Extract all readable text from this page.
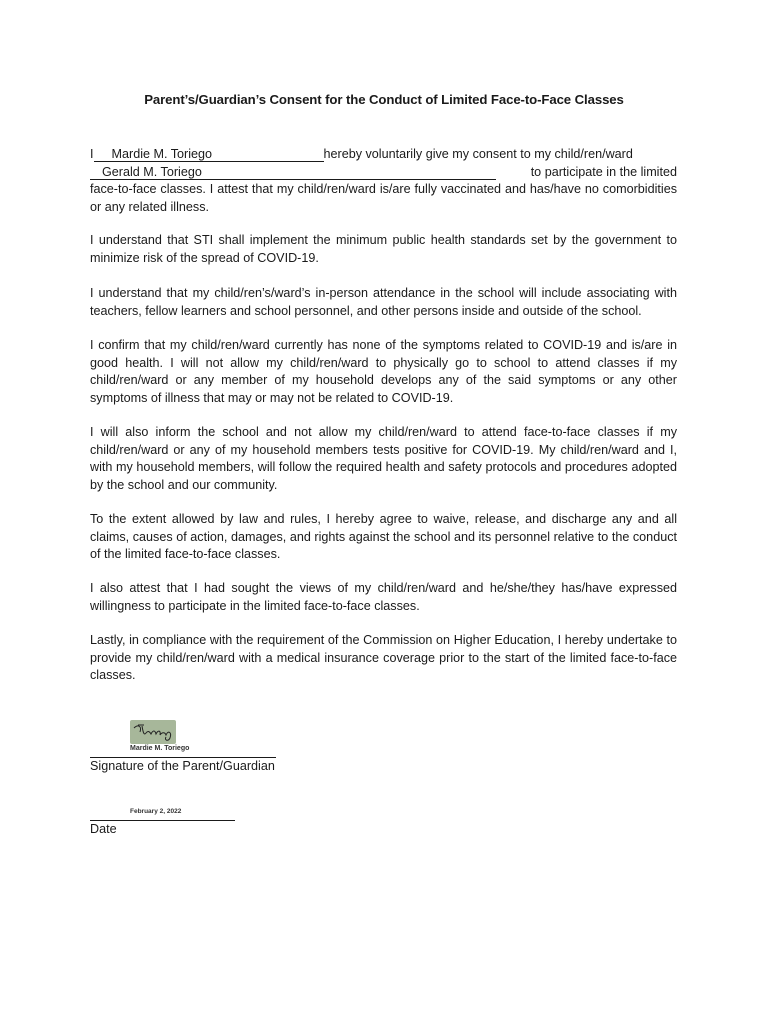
Parent’s/Guardian’s Consent for the Conduct of Limited Face-to-Face Classes
I Mardie M. Toriego	hereby voluntarily give my consent to my child/ren/ward
Gerald M. Toriego	to participate in the limited
face-to-face classes. I attest that my child/ren/ward is/are fully vaccinated and has/have no comorbidities or any related illness.
I understand that STI shall implement the minimum public health standards set by the government to minimize risk of the spread of COVID-19.
I understand that my child/ren’s/ward’s in-person attendance in the school will include associating with teachers, fellow learners and school personnel, and other persons inside and outside of the school.
I confirm that my child/ren/ward currently has none of the symptoms related to COVID-19 and is/are in good health. I will not allow my child/ren/ward to physically go to school to attend classes if my child/ren/ward or any member of my household develops any of the said symptoms or any other symptoms of illness that may or may not be related to COVID-19.
I will also inform the school and not allow my child/ren/ward to attend face-to-face classes if my child/ren/ward or any of my household members tests positive for COVID-19. My child/ren/ward and I, with my household members, will follow the required health and safety protocols and procedures adopted by the school and our community.
To the extent allowed by law and rules, I hereby agree to waive, release, and discharge any and all claims, causes of action, damages, and rights against the school and its personnel relative to the conduct of the limited face-to-face classes.
I also attest that I had sought the views of my child/ren/ward and he/she/they has/have expressed willingness to participate in the limited face-to-face classes.
Lastly, in compliance with the requirement of the Commission on Higher Education, I hereby undertake to provide my child/ren/ward with a medical insurance coverage prior to the start of the limited face-to-face classes.
Mardie M. Toriego
Signature of the Parent/Guardian
February 2, 2022
Date
